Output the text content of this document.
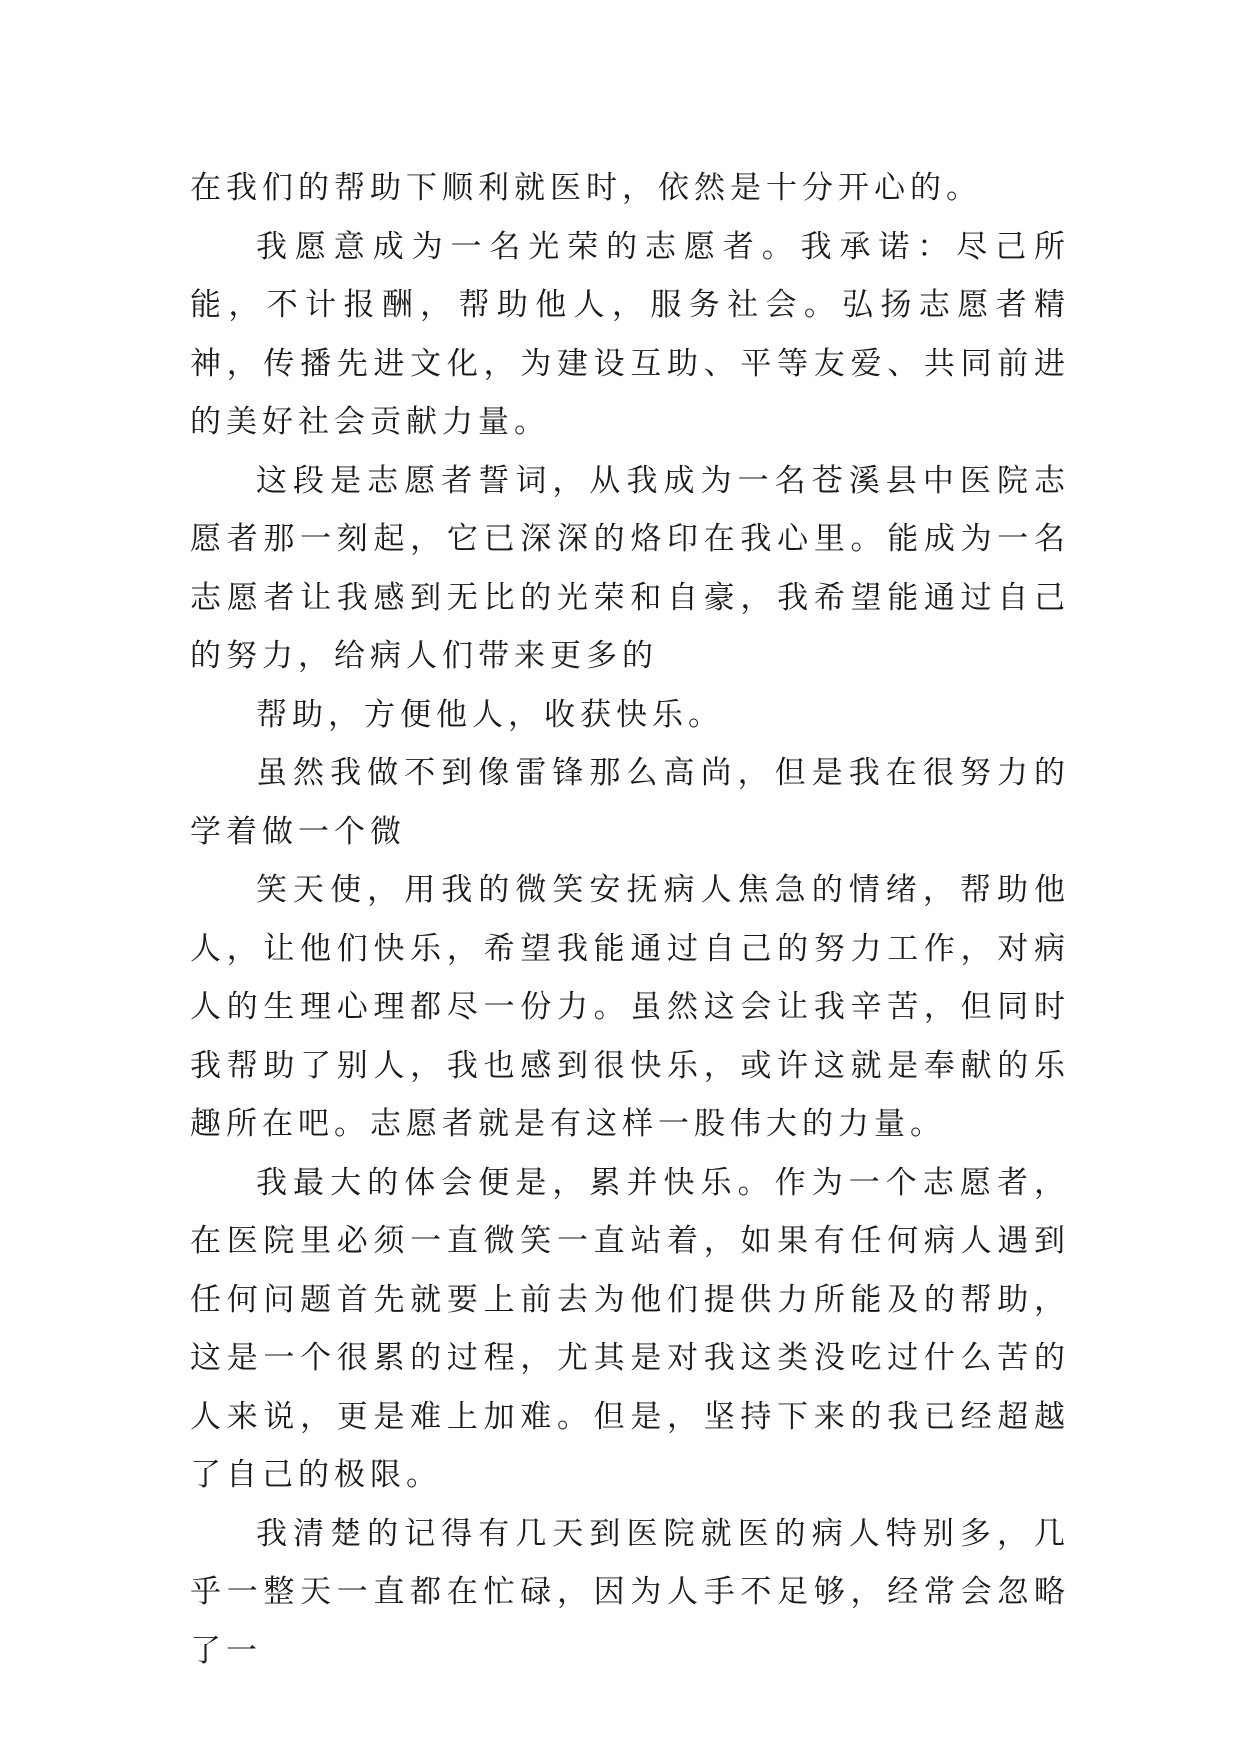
在我们的帮助下顺利就医时，依然是十分开心的。

我愿意成为一名光荣的志愿者。我承诺：尽己所能，不计报酬，帮助他人，服务社会。弘扬志愿者精神，传播先进文化，为建设互助、平等友爱、共同前进的美好社会贡献力量。

这段是志愿者誓词，从我成为一名苍溪县中医院志愿者那一刻起，它已深深的烙印在我心里。能成为一名志愿者让我感到无比的光荣和自豪，我希望能通过自己的努力，给病人们带来更多的

帮助，方便他人，收获快乐。

虽然我做不到像雷锋那么高尚，但是我在很努力的学着做一个微

笑天使，用我的微笑安抚病人焦急的情绪，帮助他人，让他们快乐，希望我能通过自己的努力工作，对病人的生理心理都尽一份力。虽然这会让我辛苦，但同时我帮助了别人，我也感到很快乐，或许这就是奉献的乐趣所在吧。志愿者就是有这样一股伟大的力量。

我最大的体会便是，累并快乐。作为一个志愿者，在医院里必须一直微笑一直站着，如果有任何病人遇到任何问题首先就要上前去为他们提供力所能及的帮助，这是一个很累的过程，尤其是对我这类没吃过什么苦的人来说，更是难上加难。但是，坚持下来的我已经超越了自己的极限。

我清楚的记得有几天到医院就医的病人特别多，几乎一整天一直都在忙碌，因为人手不足够，经常会忽略了一
